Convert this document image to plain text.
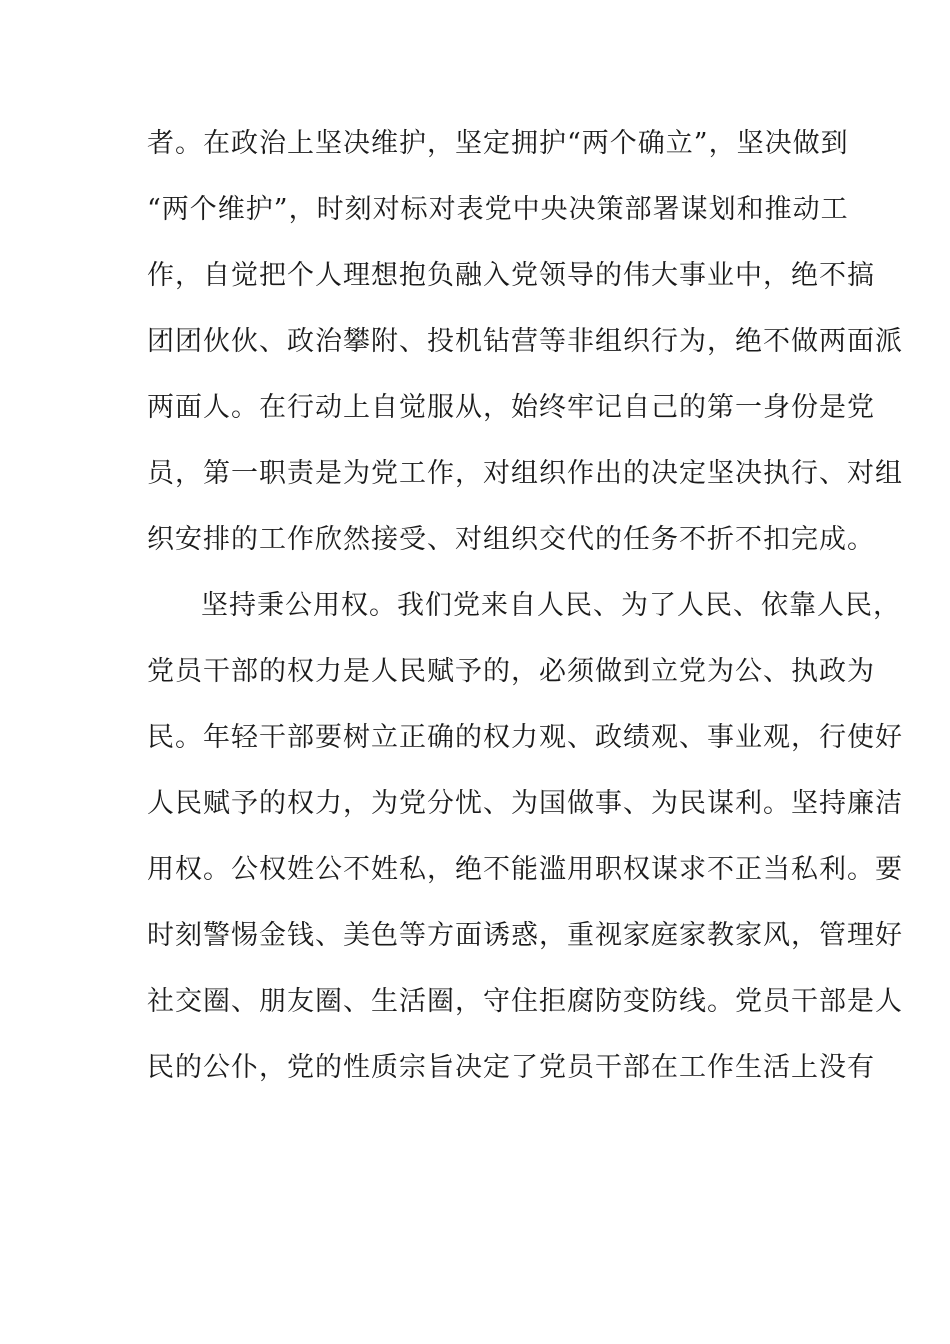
者。在政治上坚决维护，坚定拥护“两个确立”，坚决做到
“两个维护”，时刻对标对表党中央决策部署谋划和推动工
作，自觉把个人理想抱负融入党领导的伟大事业中，绝不搞
团团伙伙、政治攀附、投机钻营等非组织行为，绝不做两面派
两面人。在行动上自觉服从，始终牢记自己的第一身份是党
员，第一职责是为党工作，对组织作出的决定坚决执行、对组
织安排的工作欣然接受、对组织交代的任务不折不扣完成。
坚持秉公用权。我们党来自人民、为了人民、依靠人民，
党员干部的权力是人民赋予的，必须做到立党为公、执政为
民。年轻干部要树立正确的权力观、政绩观、事业观，行使好
人民赋予的权力，为党分忧、为国做事、为民谋利。坚持廉洁
用权。公权姓公不姓私，绝不能滥用职权谋求不正当私利。要
时刻警惕金钱、美色等方面诱惑，重视家庭家教家风，管理好
社交圈、朋友圈、生活圈，守住拒腐防变防线。党员干部是人
民的公仆，党的性质宗旨决定了党员干部在工作生活上没有
